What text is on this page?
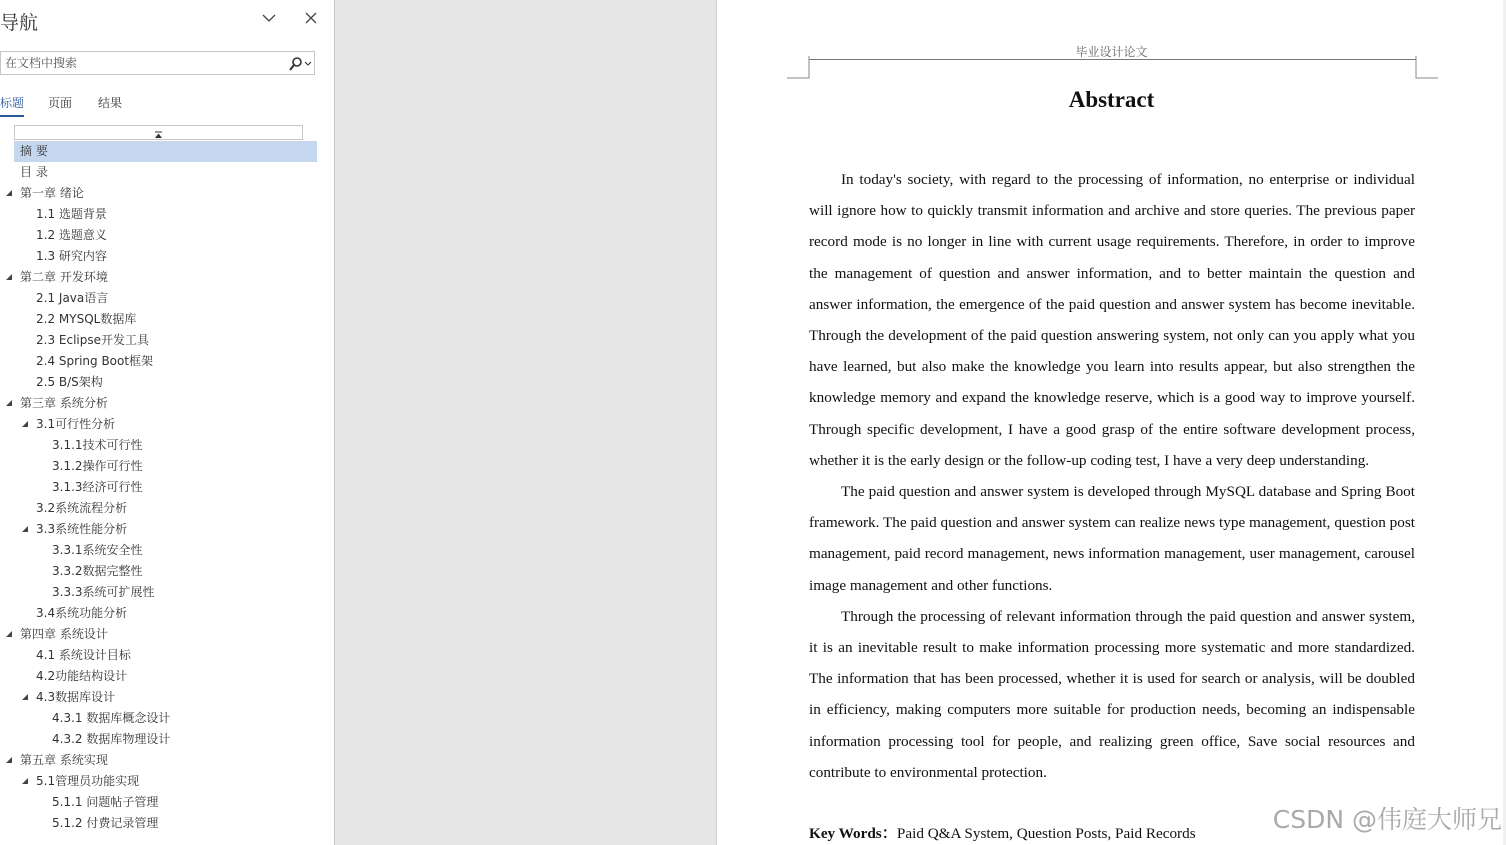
导航
在文档中搜索
标题 页面 结果
摘 要
目 录
第一章 绪论
1.1 选题背景
1.2 选题意义
1.3 研究内容
第二章 开发环境
2.1 Java语言
2.2 MYSQL数据库
2.3 Eclipse开发工具
2.4 Spring Boot框架
2.5 B/S架构
第三章 系统分析
3.1可行性分析
3.1.1技术可行性
3.1.2操作可行性
3.1.3经济可行性
3.2系统流程分析
3.3系统性能分析
3.3.1系统安全性
3.3.2数据完整性
3.3.3系统可扩展性
3.4系统功能分析
第四章 系统设计
4.1 系统设计目标
4.2功能结构设计
4.3数据库设计
4.3.1 数据库概念设计
4.3.2 数据库物理设计
第五章 系统实现
5.1管理员功能实现
5.1.1 问题帖子管理
5.1.2 付费记录管理
毕业设计论文
Abstract

In today's society, with regard to the processing of information, no enterprise or individual will ignore how to quickly transmit information and archive and store queries. The previous paper record mode is no longer in line with current usage requirements. Therefore, in order to improve the management of question and answer information, and to better maintain the question and answer information, the emergence of the paid question and answer system has become inevitable. Through the development of the paid question answering system, not only can you apply what you have learned, but also make the knowledge you learn into results appear, but also strengthen the knowledge memory and expand the knowledge reserve, which is a good way to improve yourself. Through specific development, I have a good grasp of the entire software development process, whether it is the early design or the follow-up coding test, I have a very deep understanding.

The paid question and answer system is developed through MySQL database and Spring Boot framework. The paid question and answer system can realize news type management, question post management, paid record management, news information management, user management, carousel image management and other functions.

Through the processing of relevant information through the paid question and answer system, it is an inevitable result to make information processing more systematic and more standardized. The information that has been processed, whether it is used for search or analysis, will be doubled in efficiency, making computers more suitable for production needs, becoming an indispensable information processing tool for people, and realizing green office, Save social resources and contribute to environmental protection.

Key Words：Paid Q&A System, Question Posts, Paid Records	CSDN @伟庭大师兄
